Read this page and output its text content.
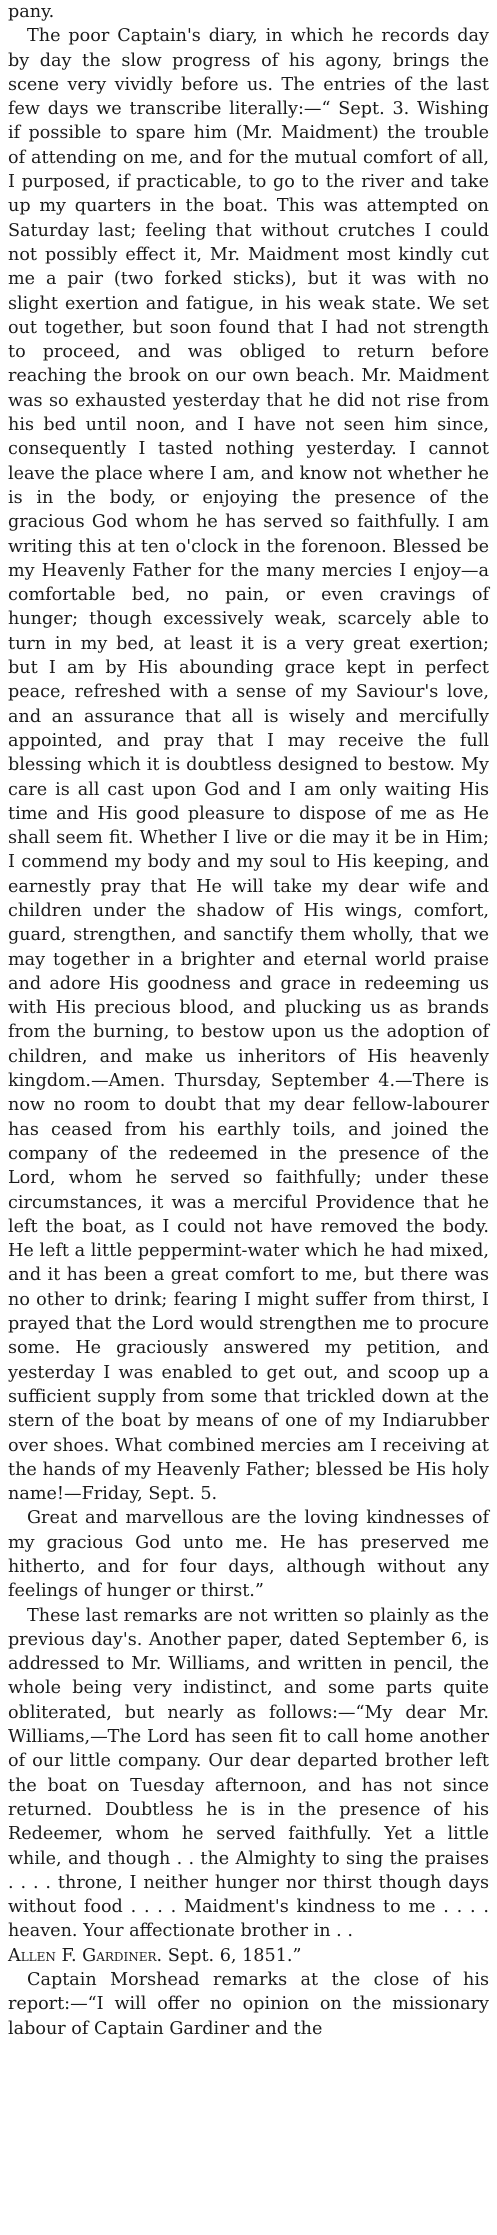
pany.

The poor Captain's diary, in which he records day by day the slow progress of his agony, brings the scene very vividly before us. The entries of the last few days we transcribe literally:—“ Sept. 3. Wishing if possible to spare him (Mr. Maidment) the trouble of attending on me, and for the mutual comfort of all, I purposed, if practicable, to go to the river and take up my quarters in the boat. This was attempted on Saturday last; feeling that without crutches I could not possibly effect it, Mr. Maidment most kindly cut me a pair (two forked sticks), but it was with no slight exertion and fatigue, in his weak state. We set out together, but soon found that I had not strength to proceed, and was obliged to return before reaching the brook on our own beach. Mr. Maidment was so exhausted yesterday that he did not rise from his bed until noon, and I have not seen him since, consequently I tasted nothing yesterday. I cannot leave the place where I am, and know not whether he is in the body, or enjoying the presence of the gracious God whom he has served so faithfully. I am writing this at ten o'clock in the forenoon. Blessed be my Heavenly Father for the many mercies I enjoy—a comfortable bed, no pain, or even cravings of hunger; though excessively weak, scarcely able to turn in my bed, at least it is a very great exertion; but I am by His abounding grace kept in perfect peace, refreshed with a sense of my Saviour's love, and an assurance that all is wisely and mercifully appointed, and pray that I may receive the full blessing which it is doubtless designed to bestow. My care is all cast upon God and I am only waiting His time and His good pleasure to dispose of me as He shall seem fit. Whether I live or die may it be in Him; I commend my body and my soul to His keeping, and earnestly pray that He will take my dear wife and children under the shadow of His wings, comfort, guard, strengthen, and sanctify them wholly, that we may together in a brighter and eternal world praise and adore His goodness and grace in redeeming us with His precious blood, and plucking us as brands from the burning, to bestow upon us the adoption of children, and make us inheritors of His heavenly kingdom.—Amen. Thursday, September 4.—There is now no room to doubt that my dear fellow-labourer has ceased from his earthly toils, and joined the company of the redeemed in the presence of the Lord, whom he served so faithfully; under these circumstances, it was a merciful Providence that he left the boat, as I could not have removed the body. He left a little peppermint-water which he had mixed, and it has been a great comfort to me, but there was no other to drink; fearing I might suffer from thirst, I prayed that the Lord would strengthen me to procure some. He graciously answered my petition, and yesterday I was enabled to get out, and scoop up a sufficient supply from some that trickled down at the stern of the boat by means of one of my Indiarubber over shoes. What combined mercies am I receiving at the hands of my Heavenly Father; blessed be His holy name!—Friday, Sept. 5.

Great and marvellous are the loving kindnesses of my gracious God unto me. He has preserved me hitherto, and for four days, although without any feelings of hunger or thirst.”

These last remarks are not written so plainly as the previous day's. Another paper, dated September 6, is addressed to Mr. Williams, and written in pencil, the whole being very indistinct, and some parts quite obliterated, but nearly as follows:—“My dear Mr. Williams,—The Lord has seen fit to call home another of our little company. Our dear departed brother left the boat on Tuesday afternoon, and has not since returned. Doubtless he is in the presence of his Redeemer, whom he served faithfully. Yet a little while, and though . . the Almighty to sing the praises . . . . throne, I neither hunger nor thirst though days without food . . . . Maidment's kindness to me . . . . heaven. Your affectionate brother in . .
Allen F. Gardiner. Sept. 6, 1851.”

Captain Morshead remarks at the close of his report:—“I will offer no opinion on the missionary labour of Captain Gardiner and the
